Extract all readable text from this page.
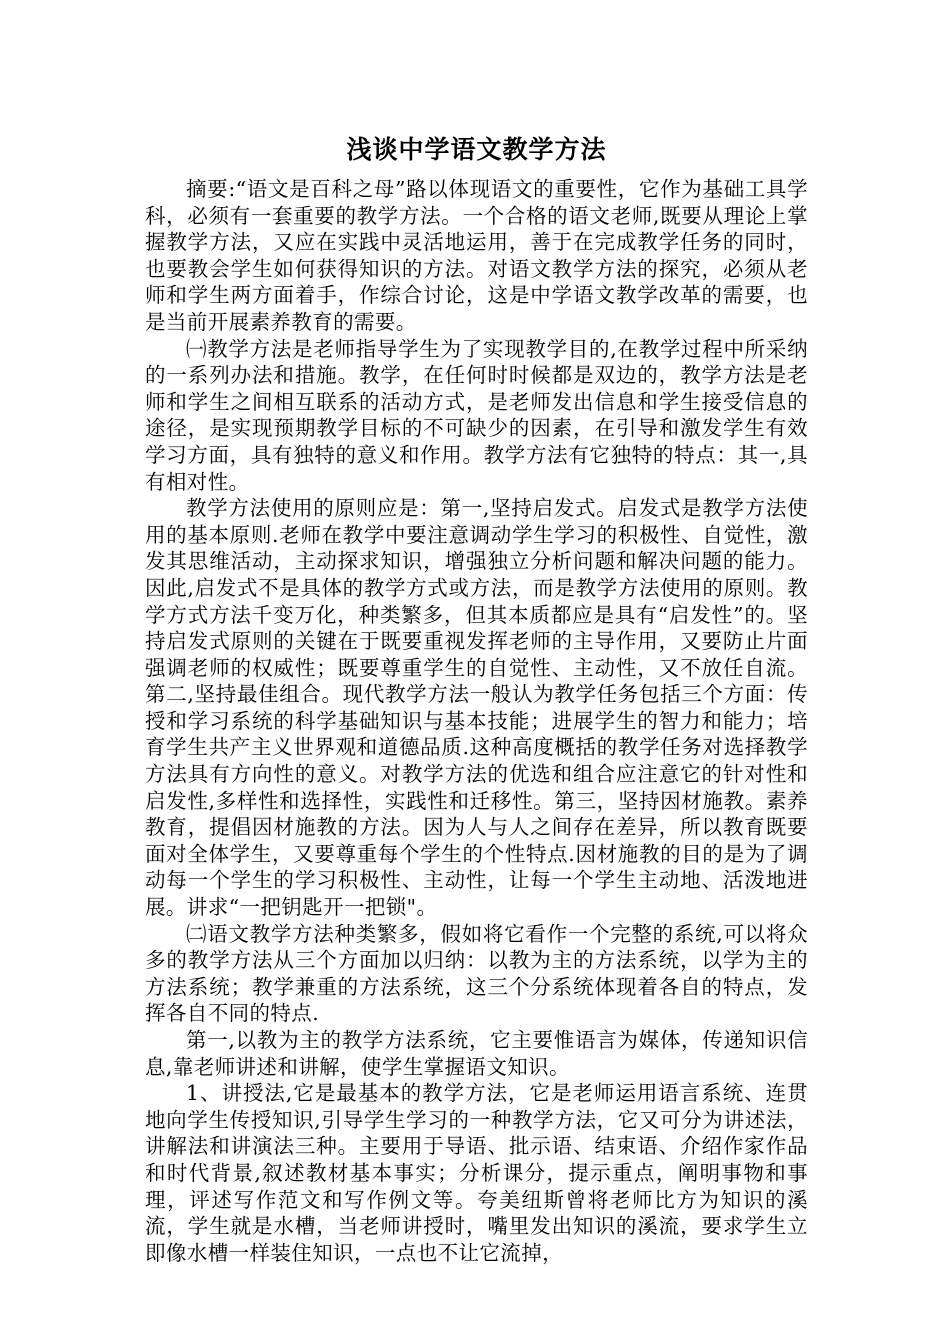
浅谈中学语文教学方法

摘要:“语文是百科之母”路以体现语文的重要性，它作为基础工具学科，必须有一套重要的教学方法。一个合格的语文老师,既要从理论上掌握教学方法，又应在实践中灵活地运用，善于在完成教学任务的同时，也要教会学生如何获得知识的方法。对语文教学方法的探究，必须从老师和学生两方面着手，作综合讨论，这是中学语文教学改革的需要，也是当前开展素养教育的需要。

㈠教学方法是老师指导学生为了实现教学目的,在教学过程中所采纳的一系列办法和措施。教学，在任何时时候都是双边的，教学方法是老师和学生之间相互联系的活动方式，是老师发出信息和学生接受信息的途径，是实现预期教学目标的不可缺少的因素，在引导和激发学生有效学习方面，具有独特的意义和作用。教学方法有它独特的特点：其一,具有相对性。

教学方法使用的原则应是：第一,坚持启发式。启发式是教学方法使用的基本原则.老师在教学中要注意调动学生学习的积极性、自觉性，激发其思维活动，主动探求知识，增强独立分析问题和解决问题的能力。因此,启发式不是具体的教学方式或方法，而是教学方法使用的原则。教学方式方法千变万化，种类繁多，但其本质都应是具有“启发性”的。坚持启发式原则的关键在于既要重视发挥老师的主导作用，又要防止片面强调老师的权威性；既要尊重学生的自觉性、主动性，又不放任自流。第二,坚持最佳组合。现代教学方法一般认为教学任务包括三个方面：传授和学习系统的科学基础知识与基本技能；进展学生的智力和能力；培育学生共产主义世界观和道德品质.这种高度概括的教学任务对选择教学方法具有方向性的意义。对教学方法的优选和组合应注意它的针对性和启发性,多样性和选择性，实践性和迁移性。第三，坚持因材施教。素养教育，提倡因材施教的方法。因为人与人之间存在差异，所以教育既要面对全体学生，又要尊重每个学生的个性特点.因材施教的目的是为了调动每一个学生的学习积极性、主动性，让每一个学生主动地、活泼地进展。讲求“一把钥匙开一把锁"。

㈡语文教学方法种类繁多，假如将它看作一个完整的系统,可以将众多的教学方法从三个方面加以归纳：以教为主的方法系统，以学为主的方法系统；教学兼重的方法系统，这三个分系统体现着各自的特点，发挥各自不同的特点.

第一,以教为主的教学方法系统，它主要惟语言为媒体，传递知识信息,靠老师讲述和讲解，使学生掌握语文知识。

1、讲授法,它是最基本的教学方法，它是老师运用语言系统、连贯地向学生传授知识,引导学生学习的一种教学方法，它又可分为讲述法，讲解法和讲演法三种。主要用于导语、批示语、结束语、介绍作家作品和时代背景,叙述教材基本事实；分析课分，提示重点，阐明事物和事理，评述写作范文和写作例文等。夸美纽斯曾将老师比方为知识的溪流，学生就是水槽，当老师讲授时，嘴里发出知识的溪流，要求学生立即像水槽一样装住知识，一点也不让它流掉，
